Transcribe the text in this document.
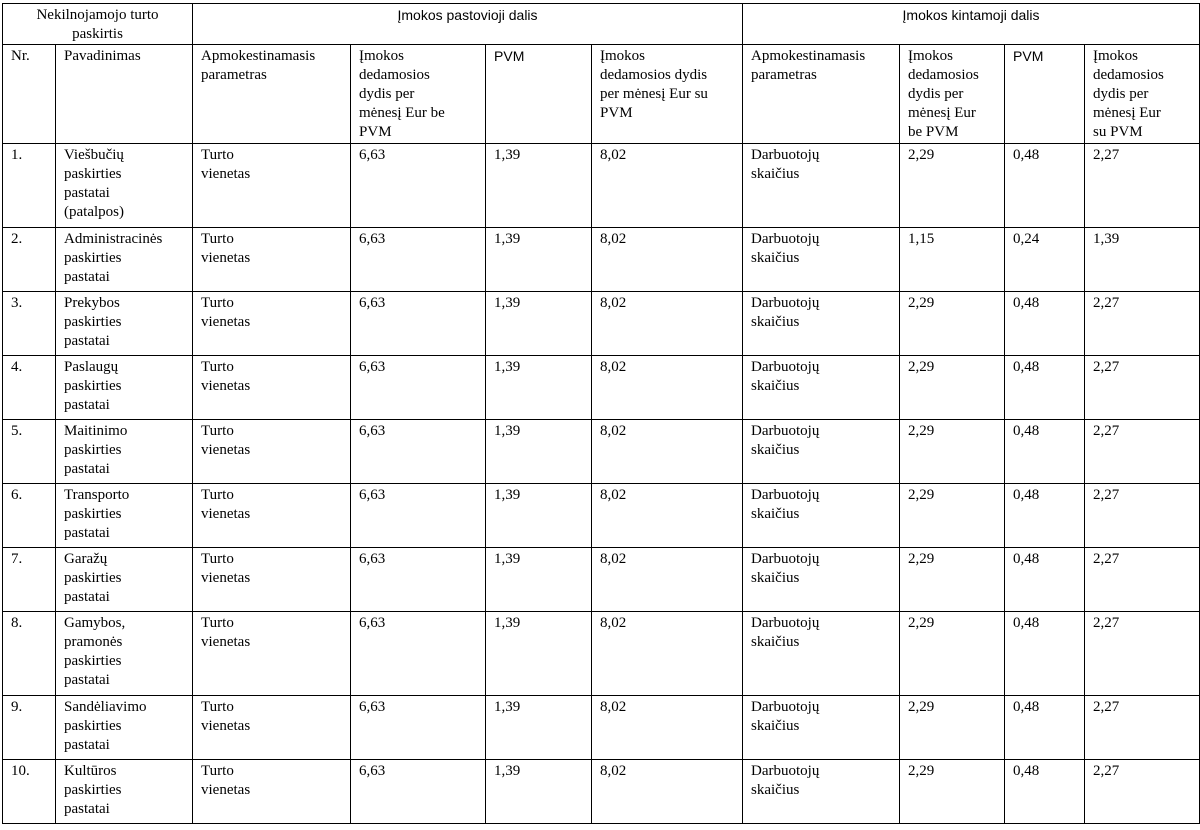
Nekilnojamojo turto
paskirtis		Įmokos pastovioji dalis				Įmokos kintamoji dalis			
Nr.	Pavadinimas	Apmokestinamasis
parametras	Įmokos
dedamosios
dydis per
mėnesį Eur be
PVM	PVM	Įmokos
dedamosios dydis
per mėnesį Eur su
PVM	Apmokestinamasis
parametras	Įmokos
dedamosios
dydis per
mėnesį Eur
be PVM	PVM	Įmokos
dedamosios
dydis per
mėnesį Eur
su PVM
1.	Viešbučių
paskirties
pastatai
(patalpos)	Turto
vienetas	6,63	1,39	8,02	Darbuotojų
skaičius	2,29	0,48	2,27
2.	Administracinės
paskirties
pastatai	Turto
vienetas	6,63	1,39	8,02	Darbuotojų
skaičius	1,15	0,24	1,39
3.	Prekybos
paskirties
pastatai	Turto
vienetas	6,63	1,39	8,02	Darbuotojų
skaičius	2,29	0,48	2,27
4.	Paslaugų
paskirties
pastatai	Turto
vienetas	6,63	1,39	8,02	Darbuotojų
skaičius	2,29	0,48	2,27
5.	Maitinimo
paskirties
pastatai	Turto
vienetas	6,63	1,39	8,02	Darbuotojų
skaičius	2,29	0,48	2,27
6.	Transporto
paskirties
pastatai	Turto
vienetas	6,63	1,39	8,02	Darbuotojų
skaičius	2,29	0,48	2,27
7.	Garažų
paskirties
pastatai	Turto
vienetas	6,63	1,39	8,02	Darbuotojų
skaičius	2,29	0,48	2,27
8.	Gamybos,
pramonės
paskirties
pastatai	Turto
vienetas	6,63	1,39	8,02	Darbuotojų
skaičius	2,29	0,48	2,27
9.	Sandėliavimo
paskirties
pastatai	Turto
vienetas	6,63	1,39	8,02	Darbuotojų
skaičius	2,29	0,48	2,27
10.	Kultūros
paskirties
pastatai	Turto
vienetas	6,63	1,39	8,02	Darbuotojų
skaičius	2,29	0,48	2,27
